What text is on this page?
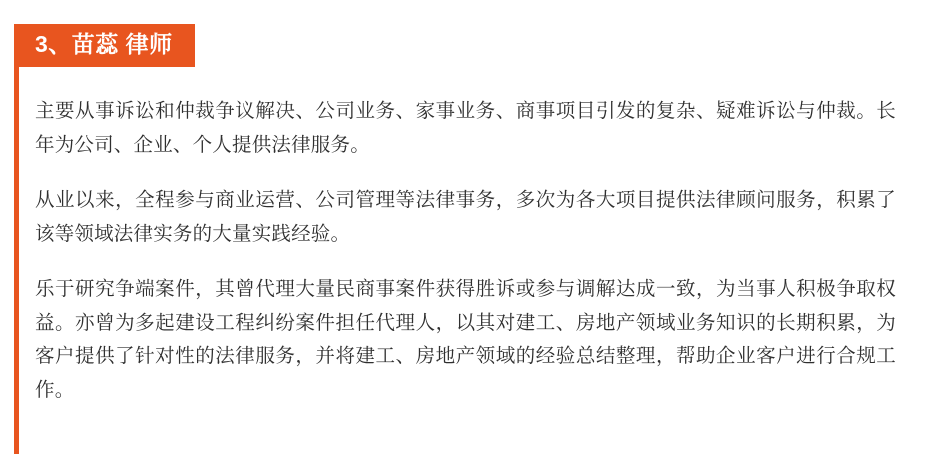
3、苗蕊 律师

主要从事诉讼和仲裁争议解决、公司业务、家事业务、商事项目引发的复杂、疑难诉讼与仲裁。长年为公司、企业、个人提供法律服务。

从业以来，全程参与商业运营、公司管理等法律事务，多次为各大项目提供法律顾问服务，积累了该等领域法律实务的大量实践经验。

乐于研究争端案件，其曾代理大量民商事案件获得胜诉或参与调解达成一致，为当事人积极争取权益。亦曾为多起建设工程纠纷案件担任代理人，以其对建工、房地产领域业务知识的长期积累，为客户提供了针对性的法律服务，并将建工、房地产领域的经验总结整理，帮助企业客户进行合规工作。
